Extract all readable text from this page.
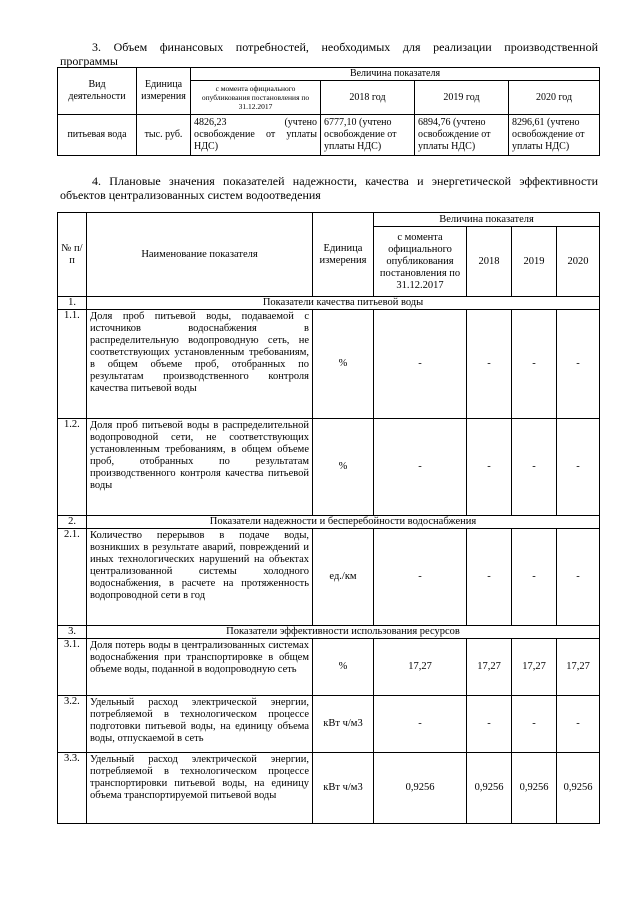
3. Объем финансовых потребностей, необходимых для реализации производственной
программы
Вид деятельности	Единица измерения	Величина показателя			
		с момента официального опубликования постановления по 31.12.2017	2018 год	2019 год	2020 год
питьевая вода	тыс. руб.	4826,23 (учтено освобождение от уплаты НДС)	6777,10 (учтено освобождение от уплаты НДС)	6894,76 (учтено освобождение от уплаты НДС)	8296,61 (учтено освобождение от уплаты НДС)
4. Плановые значения показателей надежности, качества и энергетической эффективности
объектов централизованных систем водоотведения
№ п/п	Наименование показателя	Единица измерения	Величина показателя			
			с момента официального опубликования постановления по 31.12.2017	2018	2019	2020
1.	Показатели качества питьевой воды					
1.1.	Доля проб питьевой воды, подаваемой с источников водоснабжения в распределительную водопроводную сеть, не соответствующих установленным требованиям, в общем объеме проб, отобранных по результатам производственного контроля качества питьевой воды	%	-	-	-	-
1.2.	Доля проб питьевой воды в распределительной водопроводной сети, не соответствующих установленным требованиям, в общем объеме проб, отобранных по результатам производственного контроля качества питьевой воды	%	-	-	-	-
2.	Показатели надежности и бесперебойности водоснабжения					
2.1.	Количество перерывов в подаче воды, возникших в результате аварий, повреждений и иных технологических нарушений на объектах централизованной системы холодного водоснабжения, в расчете на протяженность водопроводной сети в год	ед./км	-	-	-	-
3.	Показатели эффективности использования ресурсов					
3.1.	Доля потерь воды в централизованных системах водоснабжения при транспортировке в общем объеме воды, поданной в водопроводную сеть	%	17,27	17,27	17,27	17,27
3.2.	Удельный расход электрической энергии, потребляемой в технологическом процессе подготовки питьевой воды, на единицу объема воды, отпускаемой в сеть	кВт ч/м3	-	-	-	-
3.3.	Удельный расход электрической энергии, потребляемой в технологическом процессе транспортировки питьевой воды, на единицу объема транспортируемой питьевой воды	кВт ч/м3	0,9256	0,9256	0,9256	0,9256
